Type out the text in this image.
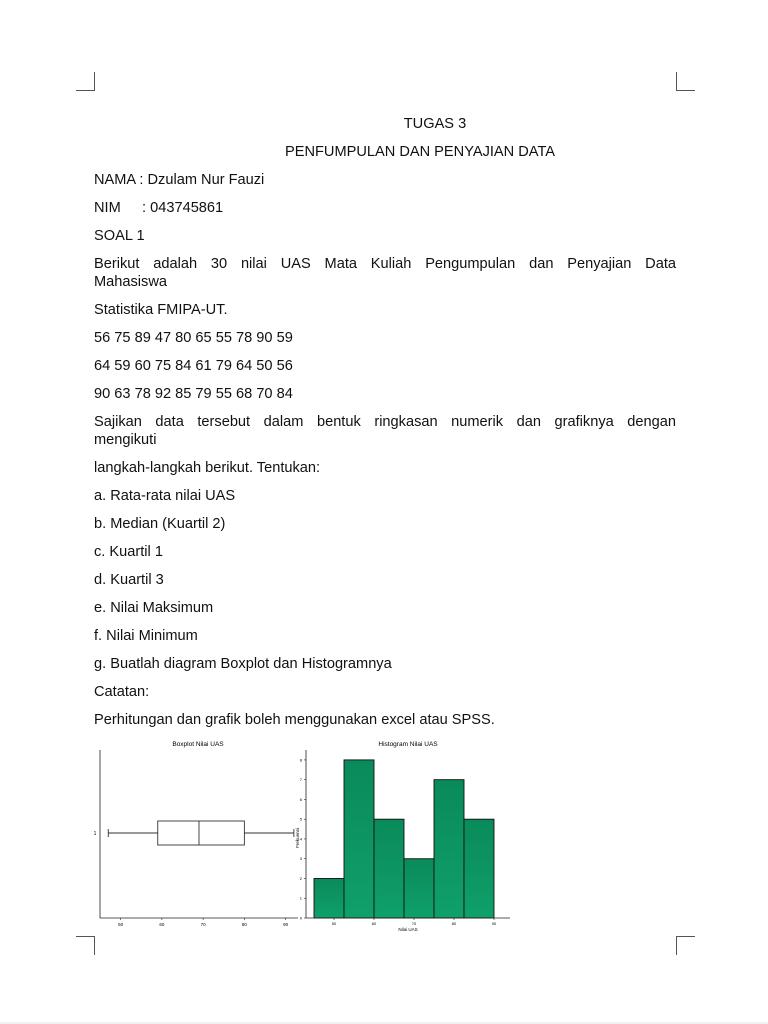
TUGAS 3

PENFUMPULAN DAN PENYAJIAN DATA

NAMA : Dzulam Nur Fauzi

NIM : 043745861

SOAL 1

Berikut adalah 30 nilai UAS Mata Kuliah Pengumpulan dan Penyajian Data

Mahasiswa

Statistika FMIPA-UT.

56 75 89 47 80 65 55 78 90 59

64 59 60 75 84 61 79 64 50 56

90 63 78 92 85 79 55 68 70 84

Sajikan data tersebut dalam bentuk ringkasan numerik dan grafiknya dengan

mengikuti

langkah-langkah berikut. Tentukan:

a. Rata-rata nilai UAS

b. Median (Kuartil 2)

c. Kuartil 1

d. Kuartil 3

e. Nilai Maksimum

f. Nilai Minimum

g. Buatlah diagram Boxplot dan Histogramnya

Catatan:

Perhitungan dan grafik boleh menggunakan excel atau SPSS.

Boxplot Nilai UAS
1
50	60	70	80	90
Histogram Nilai UAS
Frekuensi
Nilai UAS
0
1
2
3
4
5
6
7
8
50	60	70	80	90
